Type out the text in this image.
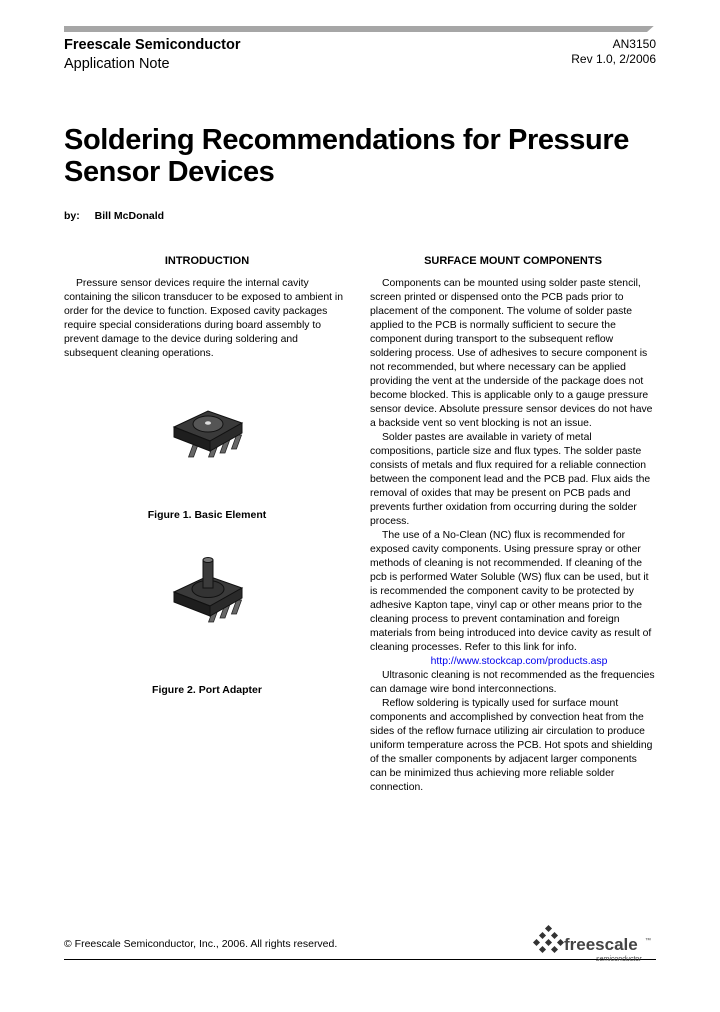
Freescale Semiconductor
Application Note
AN3150
Rev 1.0, 2/2006
Soldering Recommendations for Pressure Sensor Devices
by: Bill McDonald
INTRODUCTION

Pressure sensor devices require the internal cavity containing the silicon transducer to be exposed to ambient in order for the device to function. Exposed cavity packages require special considerations during board assembly to prevent damage to the device during soldering and subsequent cleaning operations.

Figure 1. Basic Element
Figure 2. Port Adapter
SURFACE MOUNT COMPONENTS

Components can be mounted using solder paste stencil, screen printed or dispensed onto the PCB pads prior to placement of the component. The volume of solder paste applied to the PCB is normally sufficient to secure the component during transport to the subsequent reflow soldering process. Use of adhesives to secure component is not recommended, but where necessary can be applied providing the vent at the underside of the package does not become blocked. This is applicable only to a gauge pressure sensor device. Absolute pressure sensor devices do not have a backside vent so vent blocking is not an issue.

Solder pastes are available in variety of metal compositions, particle size and flux types. The solder paste consists of metals and flux required for a reliable connection between the component lead and the PCB pad. Flux aids the removal of oxides that may be present on PCB pads and prevents further oxidation from occurring during the solder process.

The use of a No-Clean (NC) flux is recommended for exposed cavity components. Using pressure spray or other methods of cleaning is not recommended. If cleaning of the pcb is performed Water Soluble (WS) flux can be used, but it is recommended the component cavity to be protected by adhesive Kapton tape, vinyl cap or other means prior to the cleaning process to prevent contamination and foreign materials from being introduced into device cavity as result of cleaning processes. Refer to this link for info.

http://www.stockcap.com/products.asp

Ultrasonic cleaning is not recommended as the frequencies can damage wire bond interconnections.

Reflow soldering is typically used for surface mount components and accomplished by convection heat from the sides of the reflow furnace utilizing air circulation to produce uniform temperature across the PCB. Hot spots and shielding of the smaller components by adjacent larger components can be minimized thus achieving more reliable solder connection.

© Freescale Semiconductor, Inc., 2006. All rights reserved.	freescale ™
semiconductor
